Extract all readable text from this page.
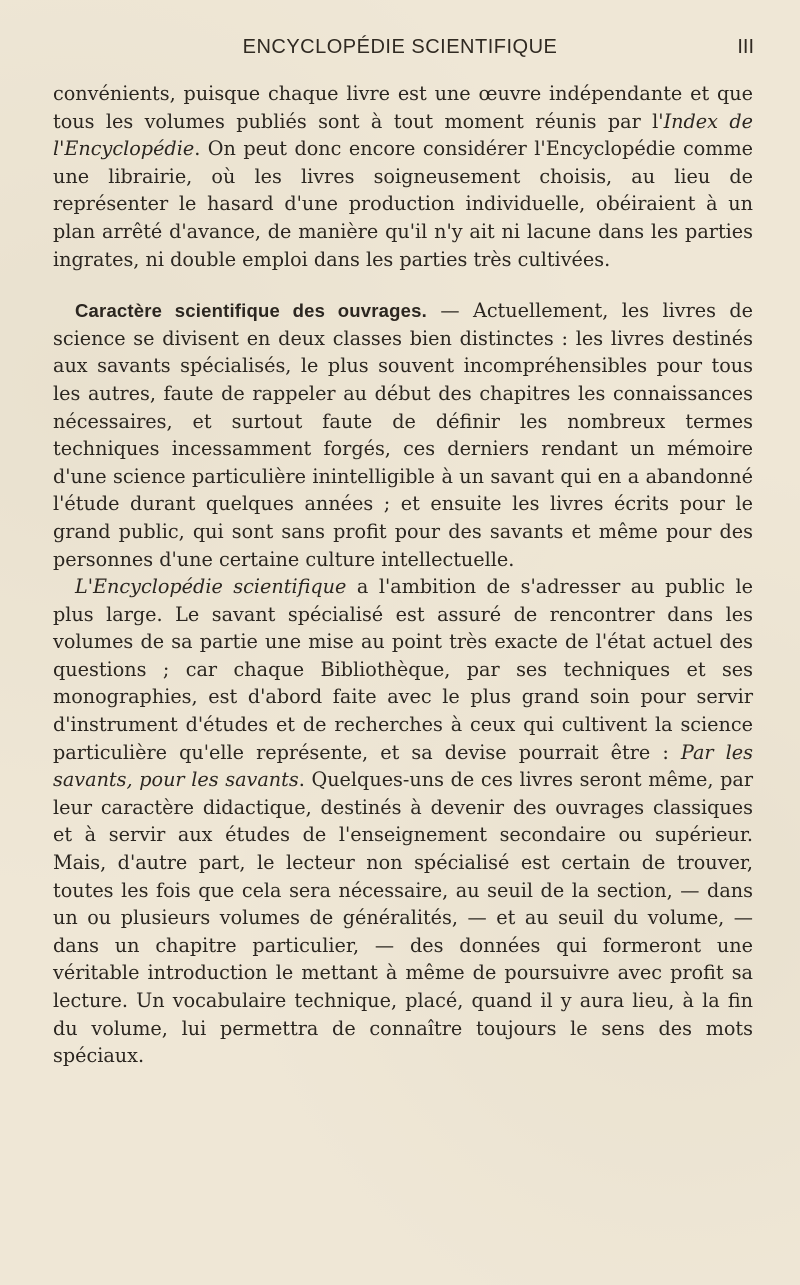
ENCYCLOPÉDIE SCIENTIFIQUE	III

convénients, puisque chaque livre est une œuvre indépendante et que tous les volumes publiés sont à tout moment réunis par l'Index de l'Encyclopédie. On peut donc encore considérer l'Encyclopédie comme une librairie, où les livres soigneusement choisis, au lieu de représenter le hasard d'une production individuelle, obéiraient à un plan arrêté d'avance, de manière qu'il n'y ait ni lacune dans les parties ingrates, ni double emploi dans les parties très cultivées.

Caractère scientifique des ouvrages. — Actuellement, les livres de science se divisent en deux classes bien distinctes : les livres destinés aux savants spécialisés, le plus souvent incompréhensibles pour tous les autres, faute de rappeler au début des chapitres les connaissances nécessaires, et surtout faute de définir les nombreux termes techniques incessamment forgés, ces derniers rendant un mémoire d'une science particulière inintelligible à un savant qui en a abandonné l'étude durant quelques années ; et ensuite les livres écrits pour le grand public, qui sont sans profit pour des savants et même pour des personnes d'une certaine culture intellectuelle.

L'Encyclopédie scientifique a l'ambition de s'adresser au public le plus large. Le savant spécialisé est assuré de rencontrer dans les volumes de sa partie une mise au point très exacte de l'état actuel des questions ; car chaque Bibliothèque, par ses techniques et ses monographies, est d'abord faite avec le plus grand soin pour servir d'instrument d'études et de recherches à ceux qui cultivent la science particulière qu'elle représente, et sa devise pourrait être : Par les savants, pour les savants. Quelques-uns de ces livres seront même, par leur caractère didactique, destinés à devenir des ouvrages classiques et à servir aux études de l'enseignement secondaire ou supérieur. Mais, d'autre part, le lecteur non spécialisé est certain de trouver, toutes les fois que cela sera nécessaire, au seuil de la section, — dans un ou plusieurs volumes de généralités, — et au seuil du volume, — dans un chapitre particulier, — des données qui formeront une véritable introduction le mettant à même de poursuivre avec profit sa lecture. Un vocabulaire technique, placé, quand il y aura lieu, à la fin du volume, lui permettra de connaître toujours le sens des mots spéciaux.
